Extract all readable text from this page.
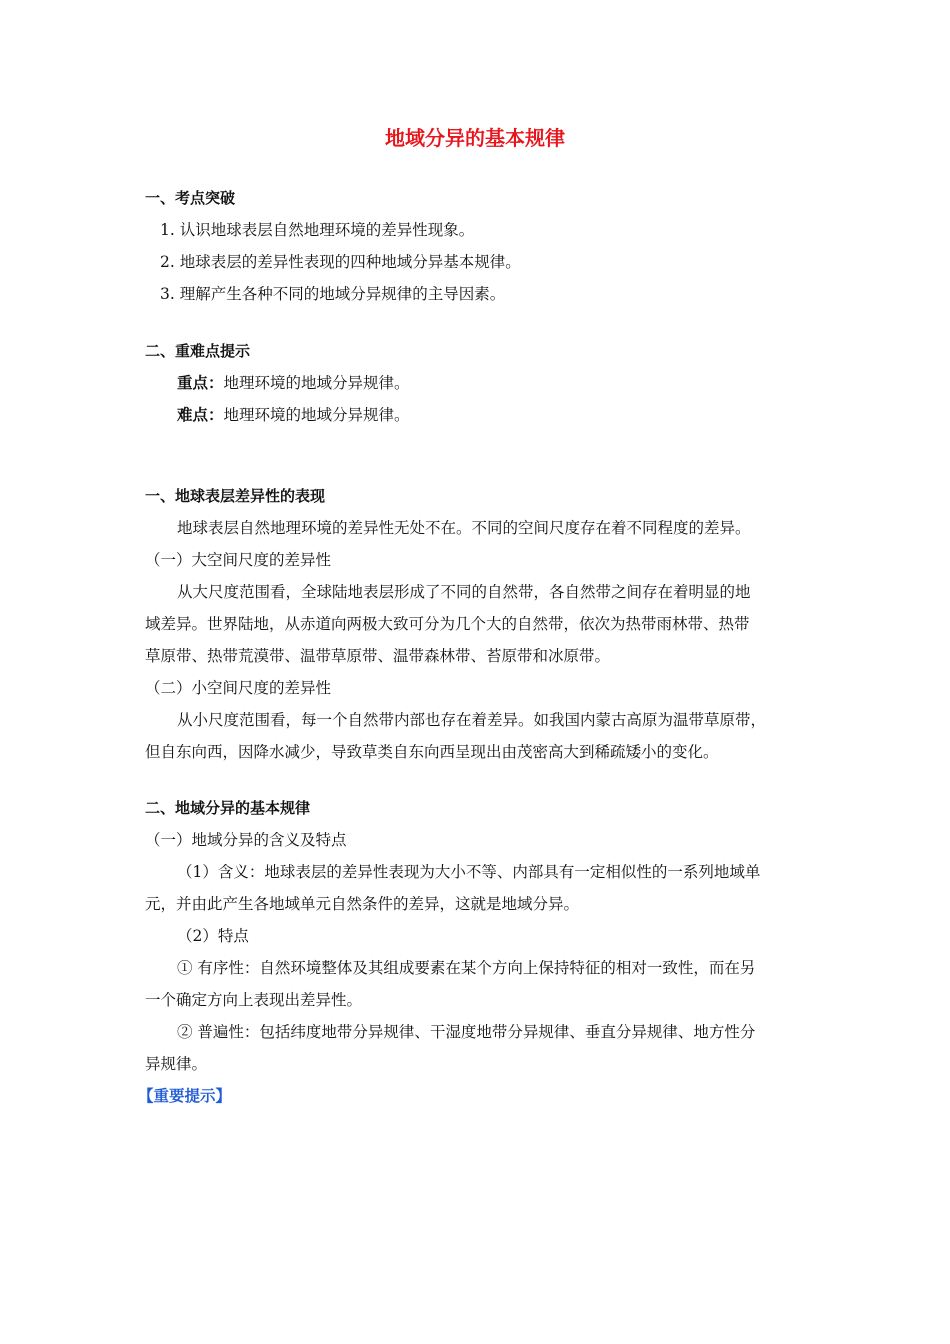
地域分异的基本规律
一、考点突破
1. 认识地球表层自然地理环境的差异性现象。
2. 地球表层的差异性表现的四种地域分异基本规律。
3. 理解产生各种不同的地域分异规律的主导因素。
二、重难点提示
重点：地理环境的地域分异规律。
难点：地理环境的地域分异规律。
一、地球表层差异性的表现
地球表层自然地理环境的差异性无处不在。不同的空间尺度存在着不同程度的差异。
（一）大空间尺度的差异性
从大尺度范围看，全球陆地表层形成了不同的自然带，各自然带之间存在着明显的地
域差异。世界陆地，从赤道向两极大致可分为几个大的自然带，依次为热带雨林带、热带
草原带、热带荒漠带、温带草原带、温带森林带、苔原带和冰原带。
（二）小空间尺度的差异性
从小尺度范围看，每一个自然带内部也存在着差异。如我国内蒙古高原为温带草原带，
但自东向西，因降水减少，导致草类自东向西呈现出由茂密高大到稀疏矮小的变化。
二、地域分异的基本规律
（一）地域分异的含义及特点
（1）含义：地球表层的差异性表现为大小不等、内部具有一定相似性的一系列地域单
元，并由此产生各地域单元自然条件的差异，这就是地域分异。
（2）特点
① 有序性：自然环境整体及其组成要素在某个方向上保持特征的相对一致性，而在另
一个确定方向上表现出差异性。
② 普遍性：包括纬度地带分异规律、干湿度地带分异规律、垂直分异规律、地方性分
异规律。
【重要提示】
